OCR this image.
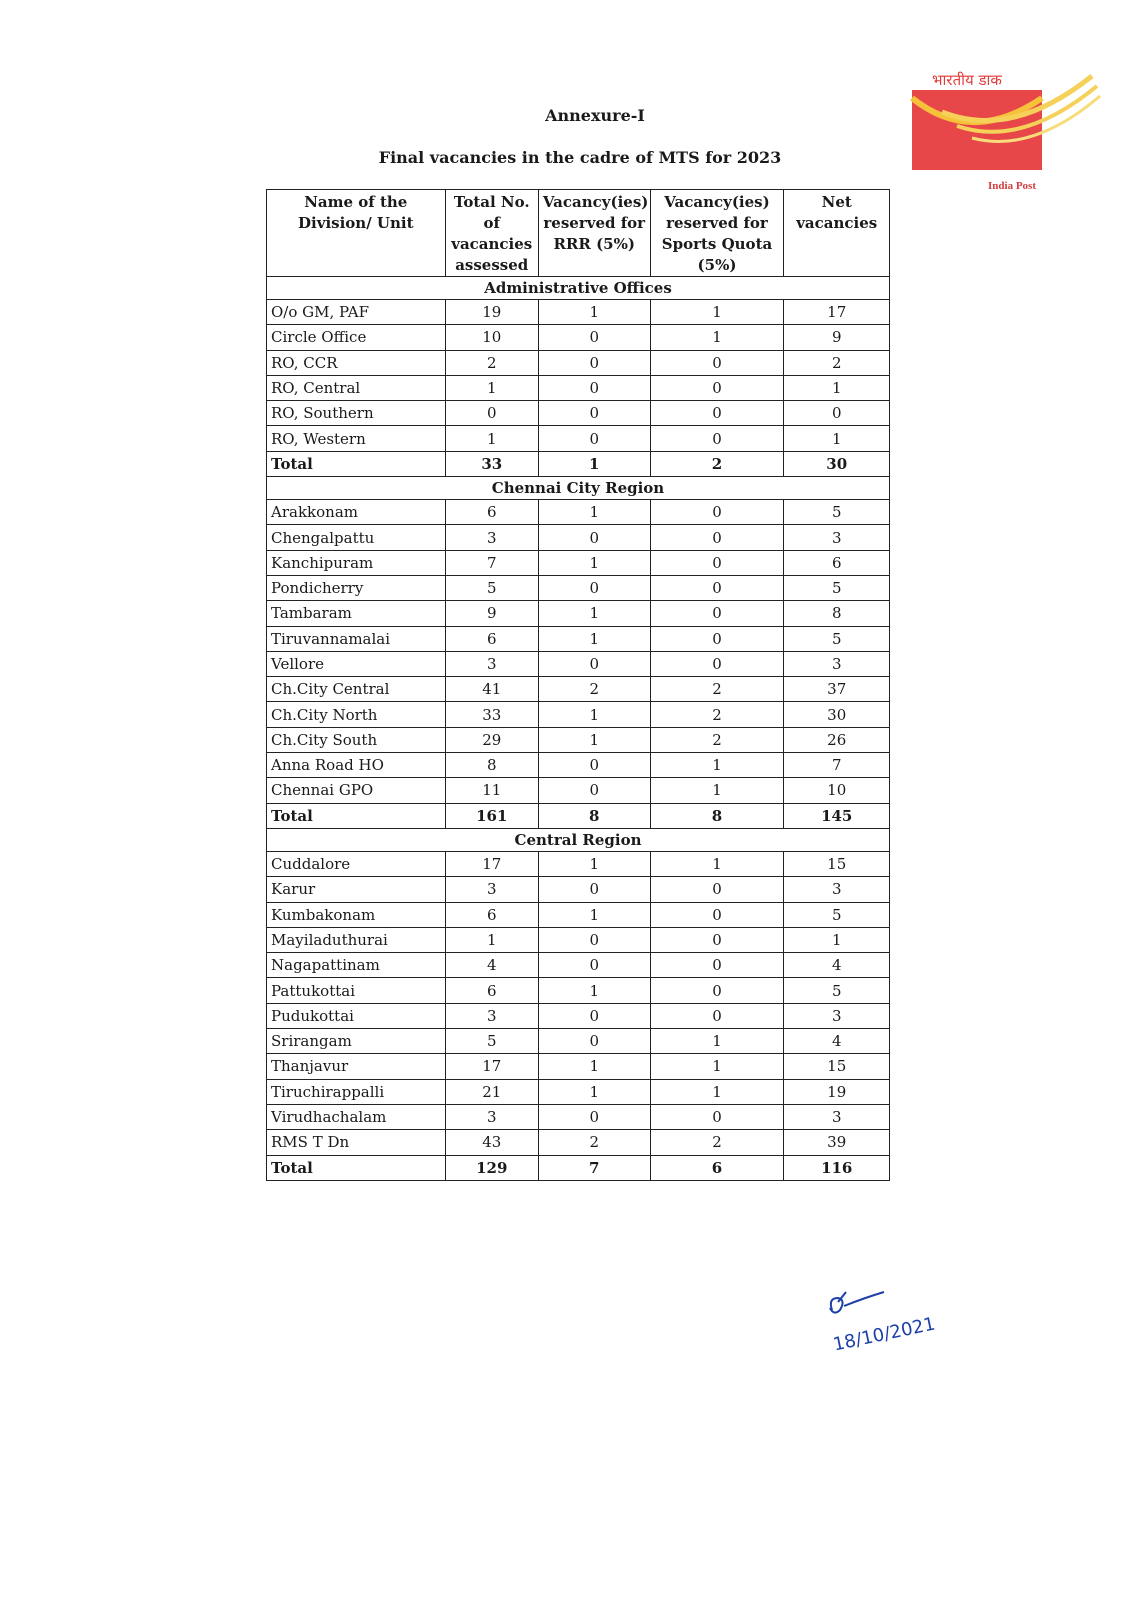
भारतीय डाक
India Post
Annexure-I
Final vacancies in the cadre of MTS for 2023
Name of the Division/ Unit	Total No. of vacancies assessed	Vacancy(ies) reserved for RRR (5%)	Vacancy(ies) reserved for Sports Quota (5%)	Net vacancies
Administrative Offices				
O/o GM, PAF	19	1	1	17
Circle Office	10	0	1	9
RO, CCR	2	0	0	2
RO, Central	1	0	0	1
RO, Southern	0	0	0	0
RO, Western	1	0	0	1
Total	33	1	2	30
Chennai City Region				
Arakkonam	6	1	0	5
Chengalpattu	3	0	0	3
Kanchipuram	7	1	0	6
Pondicherry	5	0	0	5
Tambaram	9	1	0	8
Tiruvannamalai	6	1	0	5
Vellore	3	0	0	3
Ch.City Central	41	2	2	37
Ch.City North	33	1	2	30
Ch.City South	29	1	2	26
Anna Road HO	8	0	1	7
Chennai GPO	11	0	1	10
Total	161	8	8	145
Central Region				
Cuddalore	17	1	1	15
Karur	3	0	0	3
Kumbakonam	6	1	0	5
Mayiladuthurai	1	0	0	1
Nagapattinam	4	0	0	4
Pattukottai	6	1	0	5
Pudukottai	3	0	0	3
Srirangam	5	0	1	4
Thanjavur	17	1	1	15
Tiruchirappalli	21	1	1	19
Virudhachalam	3	0	0	3
RMS T Dn	43	2	2	39
Total	129	7	6	116
18/10/2021
